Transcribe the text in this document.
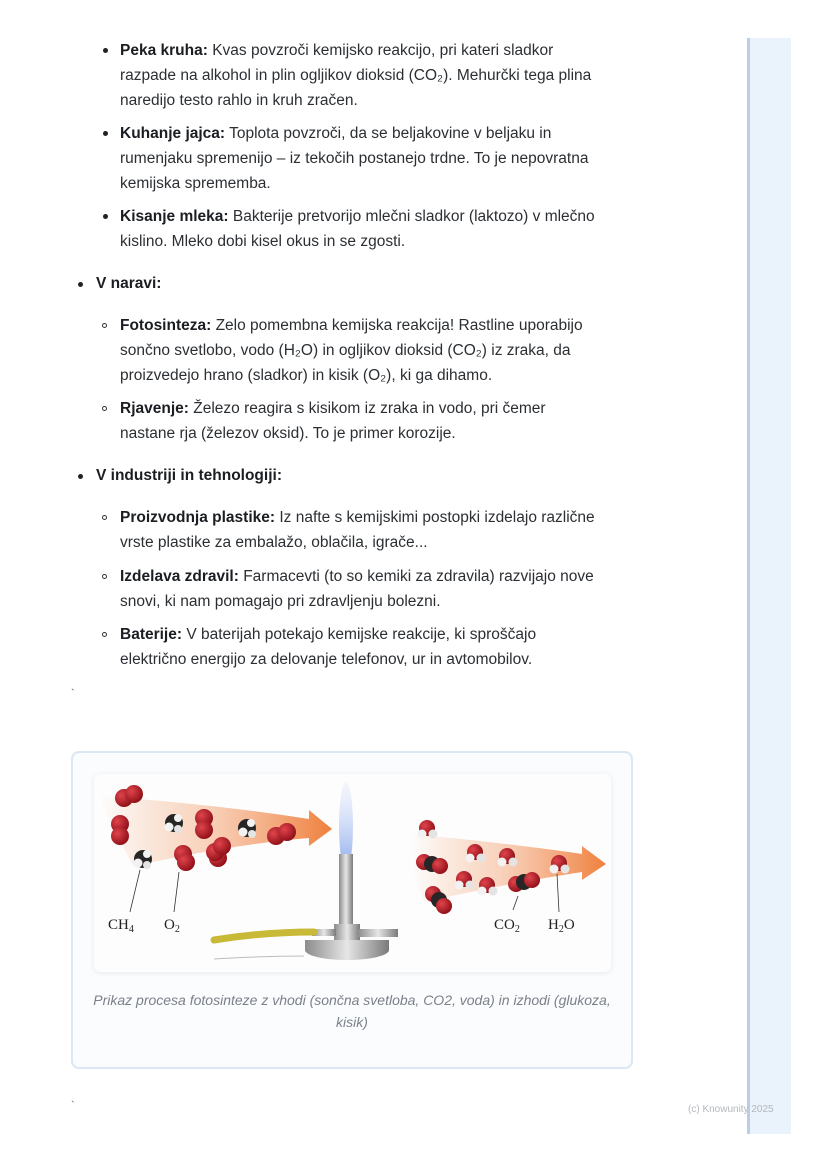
Peka kruha: Kvas povzroči kemijsko reakcijo, pri kateri sladkor
razpade na alkohol in plin ogljikov dioksid (CO₂). Mehurčki tega plina
naredijo testo rahlo in kruh zračen.
Kuhanje jajca: Toplota povzroči, da se beljakovine v beljaku in
rumenjaku spremenijo – iz tekočih postanejo trdne. To je nepovratna
kemijska sprememba.
Kisanje mleka: Bakterije pretvorijo mlečni sladkor (laktozo) v mlečno
kislino. Mleko dobi kisel okus in se zgosti.
V naravi:
Fotosinteza: Zelo pomembna kemijska reakcija! Rastline uporabijo
sončno svetlobo, vodo (H₂O) in ogljikov dioksid (CO₂) iz zraka, da
proizvedejo hrano (sladkor) in kisik (O₂), ki ga dihamo.
Rjavenje: Železo reagira s kisikom iz zraka in vodo, pri čemer
nastane rja (železov oksid). To je primer korozije.
V industriji in tehnologiji:
Proizvodnja plastike: Iz nafte s kemijskimi postopki izdelajo različne
vrste plastike za embalažo, oblačila, igrače...
Izdelava zdravil: Farmacevti (to so kemiki za zdravila) razvijajo nove
snovi, ki nam pomagajo pri zdravljenju bolezni.
Baterije: V baterijah potekajo kemijske reakcije, ki sproščajo
električno energijo za delovanje telefonov, ur in avtomobilov.
`
$CH_4$ $O_2$	$CO_2$ $H_2O$
Prikaz procesa fotosinteze z vhodi (sončna svetloba, CO2, voda) in izhodi (glukoza, kisik)
`	(c) Knowunity 2025
